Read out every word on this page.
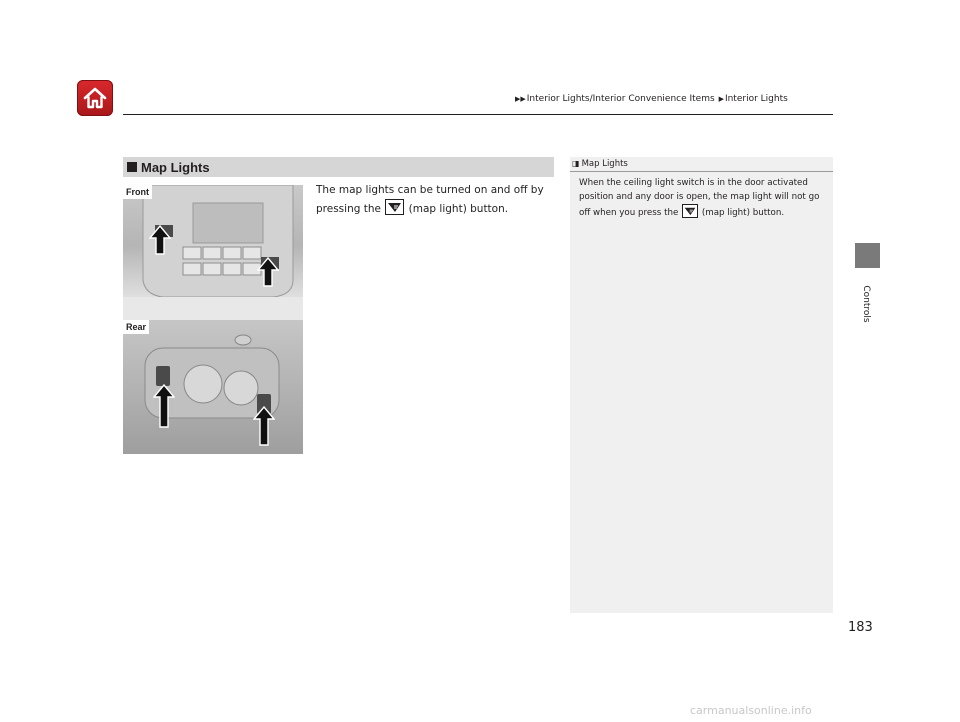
▶▶Interior Lights/Interior Convenience Items ▶Interior Lights
Controls
Map Lights
The map lights can be turned on and off by pressing the	(map light) button.
Front
Rear
◨ Map Lights
When the ceiling light switch is in the door activated position and any door is open, the map light will not go off when you press the	(map light) button.
183
carmanualsonline.info
